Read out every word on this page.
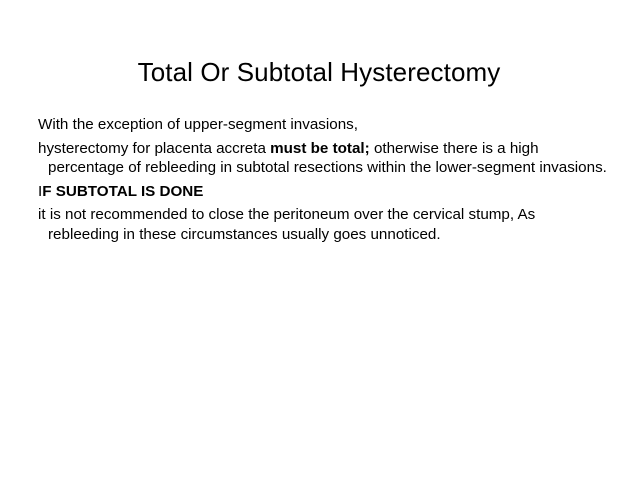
Total Or Subtotal Hysterectomy

With the exception of upper-segment invasions,

hysterectomy for placenta accreta must be total; otherwise there is a high percentage of rebleeding in subtotal resections within the lower-segment invasions.

IF SUBTOTAL IS DONE

it is not recommended to close the peritoneum over the cervical stump, As rebleeding in these circumstances usually goes unnoticed.
